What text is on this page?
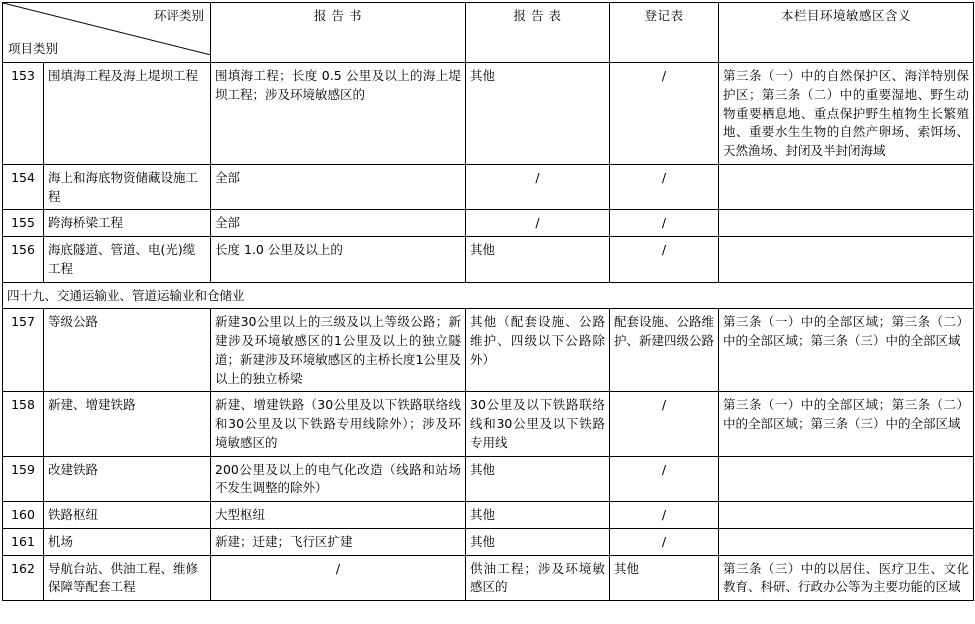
环评类别
项目类别		报 告 书	报 告 表	登记表	本栏目环境敏感区含义
153	围填海工程及海上堤坝工程	围填海工程；长度 0.5 公里及以上的海上堤坝工程；涉及环境敏感区的	其他	/	第三条（一）中的自然保护区、海洋特别保护区；第三条（二）中的重要湿地、野生动物重要栖息地、重点保护野生植物生长繁殖地、重要水生生物的自然产卵场、索饵场、天然渔场、封闭及半封闭海域
154	海上和海底物资储藏设施工程	全部	/	/	
155	跨海桥梁工程	全部	/	/	
156	海底隧道、管道、电(光)缆工程	长度 1.0 公里及以上的	其他	/	
四十九、交通运输业、管道运输业和仓储业					
157	等级公路	新建30公里以上的三级及以上等级公路；新建涉及环境敏感区的1公里及以上的独立隧道；新建涉及环境敏感区的主桥长度1公里及以上的独立桥梁	其他（配套设施、公路维护、四级以下公路除外）	配套设施、公路维护、新建四级公路	第三条（一）中的全部区域；第三条（二）中的全部区域；第三条（三）中的全部区域
158	新建、增建铁路	新建、增建铁路（30公里及以下铁路联络线和30公里及以下铁路专用线除外）；涉及环境敏感区的	30公里及以下铁路联络线和30公里及以下铁路专用线	/	第三条（一）中的全部区域；第三条（二）中的全部区域；第三条（三）中的全部区域
159	改建铁路	200公里及以上的电气化改造（线路和站场不发生调整的除外）	其他	/	
160	铁路枢纽	大型枢纽	其他	/	
161	机场	新建；迁建；飞行区扩建	其他	/	
162	导航台站、供油工程、维修保障等配套工程	/	供油工程；涉及环境敏感区的	其他	第三条（三）中的以居住、医疗卫生、文化教育、科研、行政办公等为主要功能的区域
